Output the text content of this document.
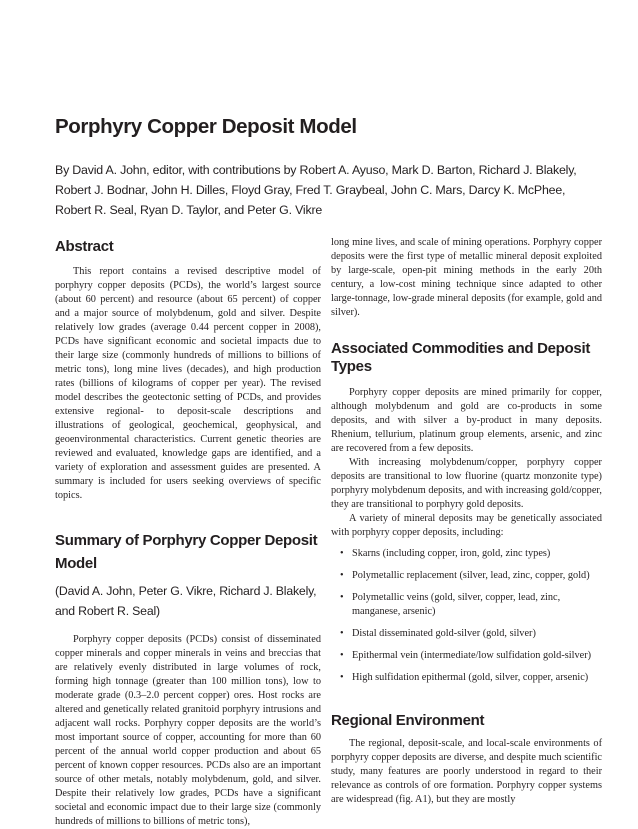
Porphyry Copper Deposit Model
By David A. John, editor, with contributions by Robert A. Ayuso, Mark D. Barton, Richard J. Blakely,
Robert J. Bodnar, John H. Dilles, Floyd Gray, Fred T. Graybeal, John C. Mars, Darcy K. McPhee,
Robert R. Seal, Ryan D. Taylor, and Peter G. Vikre
Abstract

This report contains a revised descriptive model of porphyry copper deposits (PCDs), the world’s largest source (about 60 percent) and resource (about 65 percent) of copper and a major source of molybdenum, gold and silver. Despite relatively low grades (average 0.44 percent copper in 2008), PCDs have significant economic and societal impacts due to their large size (commonly hundreds of millions to billions of metric tons), long mine lives (decades), and high production rates (billions of kilograms of copper per year). The revised model describes the geotectonic setting of PCDs, and provides extensive regional- to deposit-scale descriptions and illustrations of geological, geochemical, geophysical, and geoenvironmental characteristics. Current genetic theories are reviewed and evaluated, knowledge gaps are identified, and a variety of exploration and assessment guides are presented. A summary is included for users seeking overviews of specific topics.

Summary of Porphyry Copper Deposit Model

(David A. John, Peter G. Vikre, Richard J. Blakely, and Robert R. Seal)

Porphyry copper deposits (PCDs) consist of disseminated copper minerals and copper minerals in veins and breccias that are relatively evenly distributed in large volumes of rock, forming high tonnage (greater than 100 million tons), low to moderate grade (0.3–2.0 percent copper) ores. Host rocks are altered and genetically related granitoid porphyry intrusions and adjacent wall rocks. Porphyry copper deposits are the world’s most important source of copper, accounting for more than 60 percent of the annual world copper production and about 65 percent of known copper resources. PCDs also are an important source of other metals, notably molybdenum, gold, and silver. Despite their relatively low grades, PCDs have a significant societal and economic impact due to their large size (commonly hundreds of millions to billions of metric tons),

long mine lives, and scale of mining operations. Porphyry copper deposits were the first type of metallic mineral deposit exploited by large-scale, open-pit mining methods in the early 20th century, a low-cost mining technique since adapted to other large-tonnage, low-grade mineral deposits (for example, gold and silver).

Associated Commodities and Deposit Types

Porphyry copper deposits are mined primarily for copper, although molybdenum and gold are co-products in some deposits, and with silver a by-product in many deposits. Rhenium, tellurium, platinum group elements, arsenic, and zinc are recovered from a few deposits.

With increasing molybdenum/copper, porphyry copper deposits are transitional to low fluorine (quartz monzonite type) porphyry molybdenum deposits, and with increasing gold/copper, they are transitional to porphyry gold deposits.

A variety of mineral deposits may be genetically associated with porphyry copper deposits, including:

• Skarns (including copper, iron, gold, zinc types)
• Polymetallic replacement (silver, lead, zinc, copper, gold)
• Polymetallic veins (gold, silver, copper, lead, zinc, manganese, arsenic)
• Distal disseminated gold-silver (gold, silver)
• Epithermal vein (intermediate/low sulfidation gold-silver)
• High sulfidation epithermal (gold, silver, copper, arsenic)
Regional Environment

The regional, deposit-scale, and local-scale environments of porphyry copper deposits are diverse, and despite much scientific study, many features are poorly understood in regard to their relevance as controls of ore formation. Porphyry copper systems are widespread (fig. A1), but they are mostly
